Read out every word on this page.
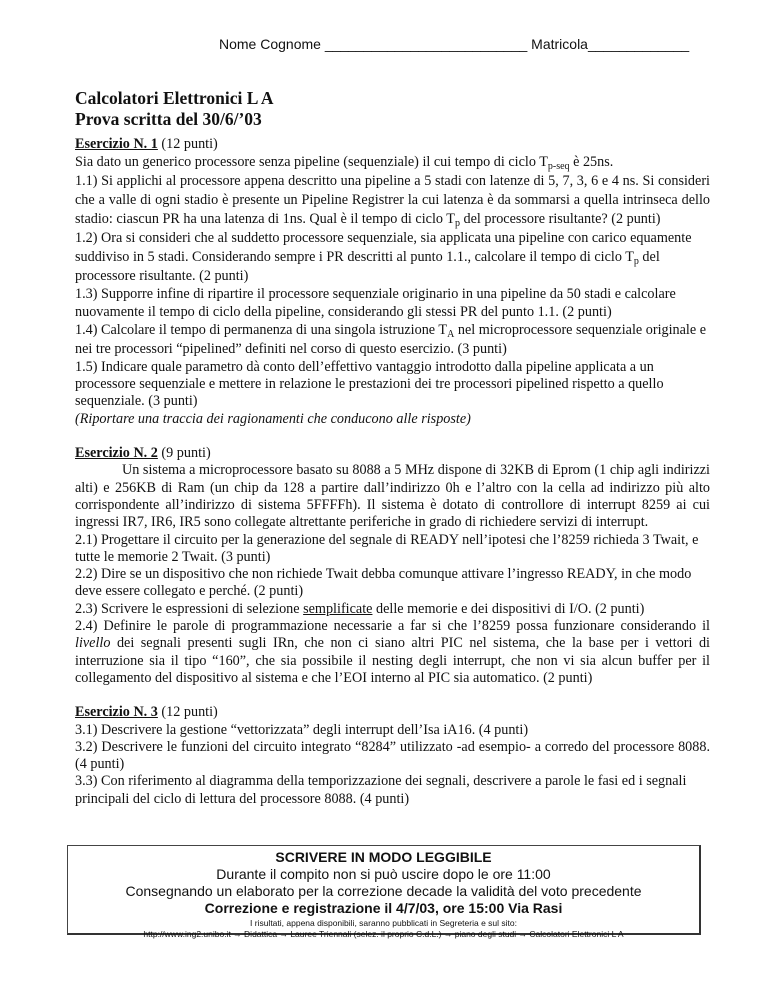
Nome Cognome __________________________ Matricola_____________
Calcolatori Elettronici L A
Prova scritta del 30/6/’03

Esercizio N. 1 (12 punti)

Sia dato un generico processore senza pipeline (sequenziale) il cui tempo di ciclo $T_{p-seq}$ è 25ns.

1.1) Si applichi al processore appena descritto una pipeline a 5 stadi con latenze di 5, 7, 3, 6 e 4 ns. Si consideri che a valle di ogni stadio è presente un Pipeline Registrer la cui latenza è da sommarsi a quella intrinseca dello stadio: ciascun PR ha una latenza di 1ns. Qual è il tempo di ciclo $T_p$ del processore risultante? (2 punti)

1.2) Ora si consideri che al suddetto processore sequenziale, sia applicata una pipeline con carico equamente suddiviso in 5 stadi. Considerando sempre i PR descritti al punto 1.1., calcolare il tempo di ciclo $T_p$ del processore risultante. (2 punti)

1.3) Supporre infine di ripartire il processore sequenziale originario in una pipeline da 50 stadi e calcolare nuovamente il tempo di ciclo della pipeline, considerando gli stessi PR del punto 1.1. (2 punti)

1.4) Calcolare il tempo di permanenza di una singola istruzione $T_A$ nel microprocessore sequenziale originale e nei tre processori “pipelined” definiti nel corso di questo esercizio. (3 punti)

1.5) Indicare quale parametro dà conto dell’effettivo vantaggio introdotto dalla pipeline applicata a un processore sequenziale e mettere in relazione le prestazioni dei tre processori pipelined rispetto a quello sequenziale. (3 punti)

(Riportare una traccia dei ragionamenti che conducono alle risposte)

Esercizio N. 2 (9 punti)

Un sistema a microprocessore basato su 8088 a 5 MHz dispone di 32KB di Eprom (1 chip agli indirizzi alti) e 256KB di Ram (un chip da 128 a partire dall’indirizzo 0h e l’altro con la cella ad indirizzo più alto corrispondente all’indirizzo di sistema 5FFFFh). Il sistema è dotato di controllore di interrupt 8259 ai cui ingressi IR7, IR6, IR5 sono collegate altrettante periferiche in grado di richiedere servizi di interrupt.

2.1) Progettare il circuito per la generazione del segnale di READY nell’ipotesi che l’8259 richieda 3 Twait, e tutte le memorie 2 Twait. (3 punti)

2.2) Dire se un dispositivo che non richiede Twait debba comunque attivare l’ingresso READY, in che modo deve essere collegato e perché. (2 punti)

2.3) Scrivere le espressioni di selezione semplificate delle memorie e dei dispositivi di I/O. (2 punti)

2.4) Definire le parole di programmazione necessarie a far si che l’8259 possa funzionare considerando il livello dei segnali presenti sugli IRn, che non ci siano altri PIC nel sistema, che la base per i vettori di interruzione sia il tipo “160”, che sia possibile il nesting degli interrupt, che non vi sia alcun buffer per il collegamento del dispositivo al sistema e che l’EOI interno al PIC sia automatico. (2 punti)

Esercizio N. 3 (12 punti)

3.1) Descrivere la gestione “vettorizzata” degli interrupt dell’Isa iA16. (4 punti)

3.2) Descrivere le funzioni del circuito integrato “8284” utilizzato -ad esempio- a corredo del processore 8088. (4 punti)

3.3) Con riferimento al diagramma della temporizzazione dei segnali, descrivere a parole le fasi ed i segnali principali del ciclo di lettura del processore 8088. (4 punti)

SCRIVERE IN MODO LEGGIBILE
Durante il compito non si può uscire dopo le ore 11:00
Consegnando un elaborato per la correzione decade la validità del voto precedente
Correzione e registrazione il 4/7/03, ore 15:00 Via Rasi
I risultati, appena disponibili, saranno pubblicati in Segreteria e sul sito:
http://www.ing2.unibo.it → Didattica → Lauree Triennali (selez. il proprio C.d.L.) → piano degli studi → Calcolatori Elettronici L A
